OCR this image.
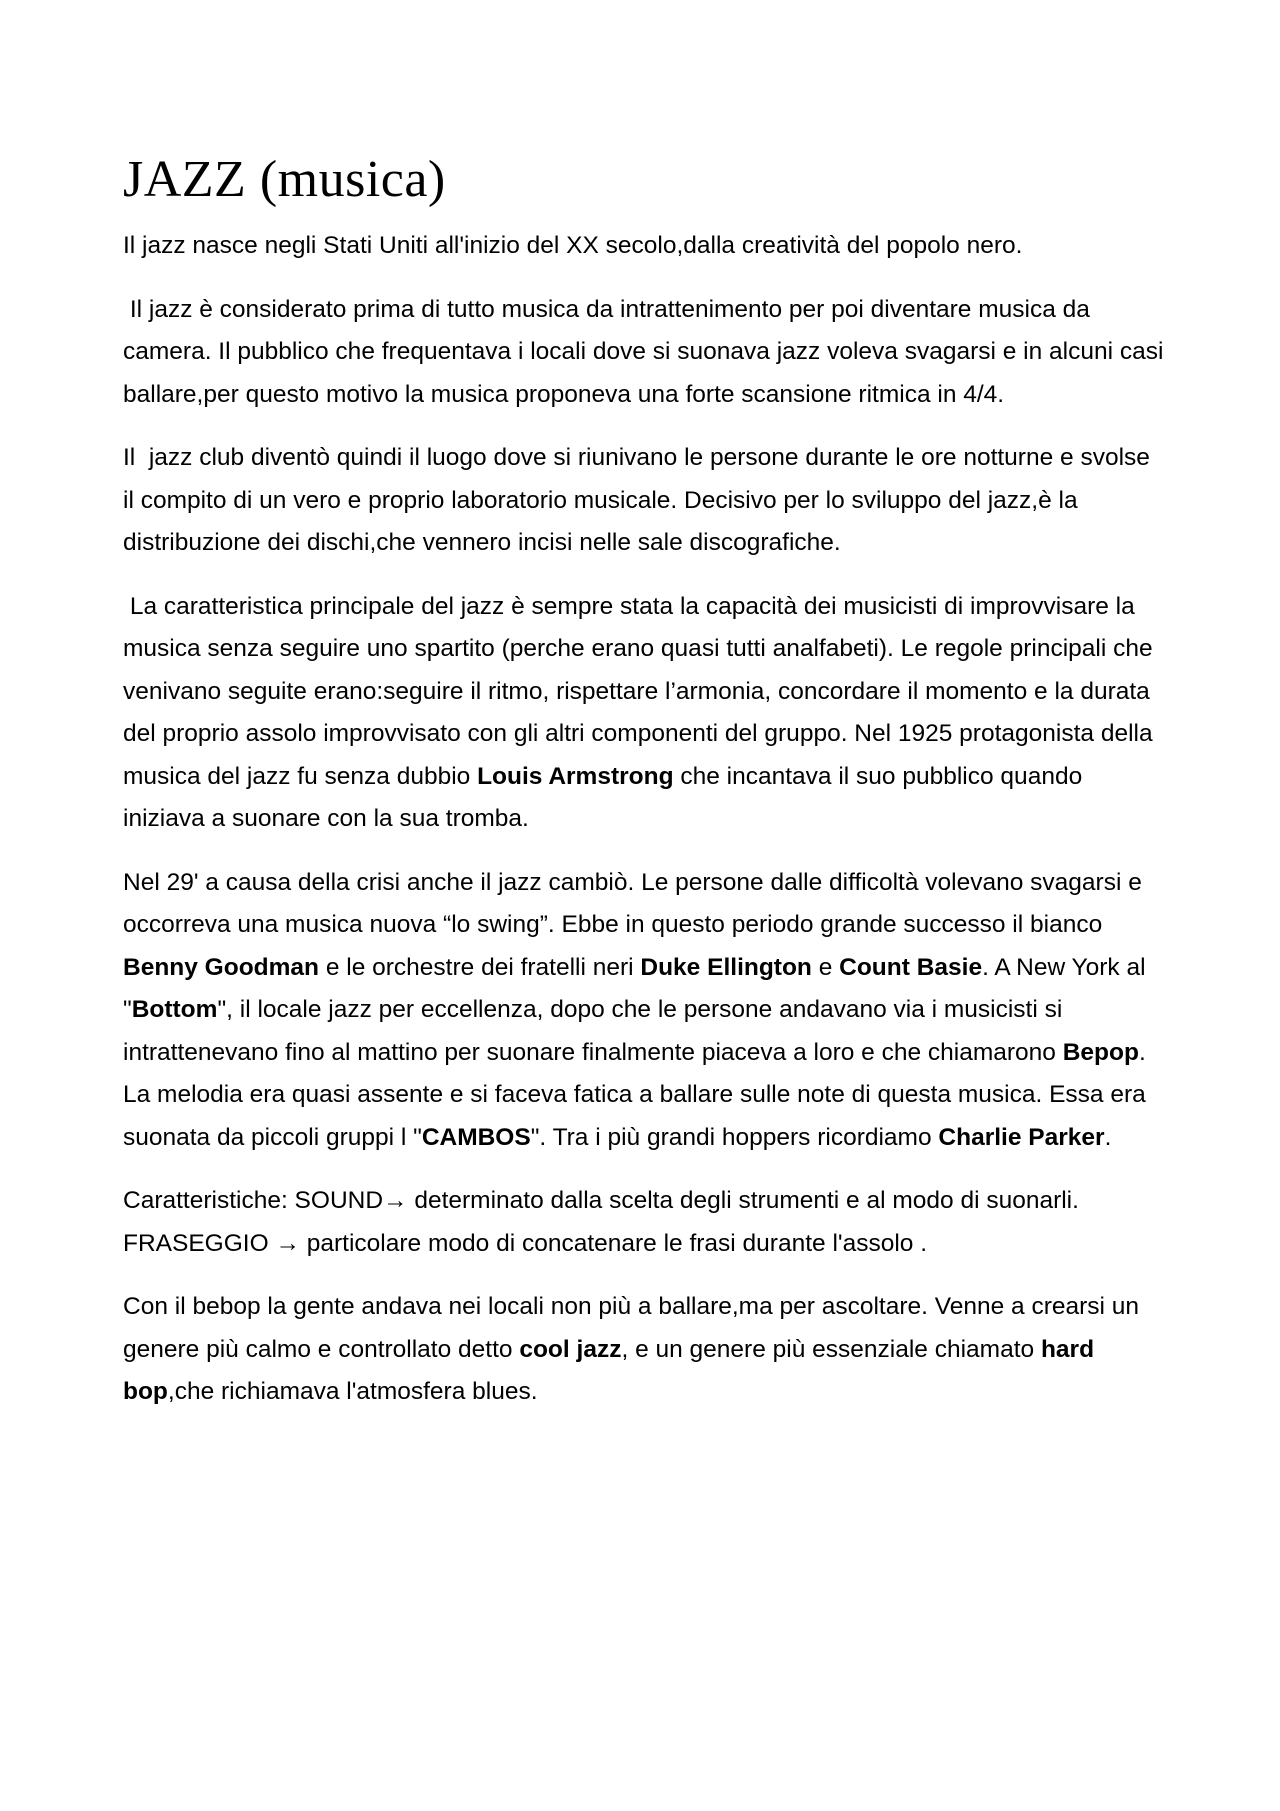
JAZZ (musica)

Il jazz nasce negli Stati Uniti all'inizio del XX secolo,dalla creatività del popolo nero.

Il jazz è considerato prima di tutto musica da intrattenimento per poi diventare musica da camera. Il pubblico che frequentava i locali dove si suonava jazz voleva svagarsi e in alcuni casi ballare,per questo motivo la musica proponeva una forte scansione ritmica in 4/4.

Il  jazz club diventò quindi il luogo dove si riunivano le persone durante le ore notturne e svolse il compito di un vero e proprio laboratorio musicale. Decisivo per lo sviluppo del jazz,è la distribuzione dei dischi,che vennero incisi nelle sale discografiche.

La caratteristica principale del jazz è sempre stata la capacità dei musicisti di improvvisare la musica senza seguire uno spartito (perche erano quasi tutti analfabeti). Le regole principali che venivano seguite erano:seguire il ritmo, rispettare l’armonia, concordare il momento e la durata del proprio assolo improvvisato con gli altri componenti del gruppo. Nel 1925 protagonista della musica del jazz fu senza dubbio Louis Armstrong che incantava il suo pubblico quando iniziava a suonare con la sua tromba.

Nel 29' a causa della crisi anche il jazz cambiò. Le persone dalle difficoltà volevano svagarsi e occorreva una musica nuova “lo swing”. Ebbe in questo periodo grande successo il bianco Benny Goodman e le orchestre dei fratelli neri Duke Ellington e Count Basie. A New York al "Bottom", il locale jazz per eccellenza, dopo che le persone andavano via i musicisti si intrattenevano fino al mattino per suonare finalmente piaceva a loro e che chiamarono Bepop. La melodia era quasi assente e si faceva fatica a ballare sulle note di questa musica. Essa era suonata da piccoli gruppi l "CAMBOS". Tra i più grandi hoppers ricordiamo Charlie Parker.

Caratteristiche: SOUND→ determinato dalla scelta degli strumenti e al modo di suonarli. FRASEGGIO → particolare modo di concatenare le frasi durante l'assolo .

Con il bebop la gente andava nei locali non più a ballare,ma per ascoltare. Venne a crearsi un genere più calmo e controllato detto cool jazz, e un genere più essenziale chiamato hard bop,che richiamava l'atmosfera blues.
